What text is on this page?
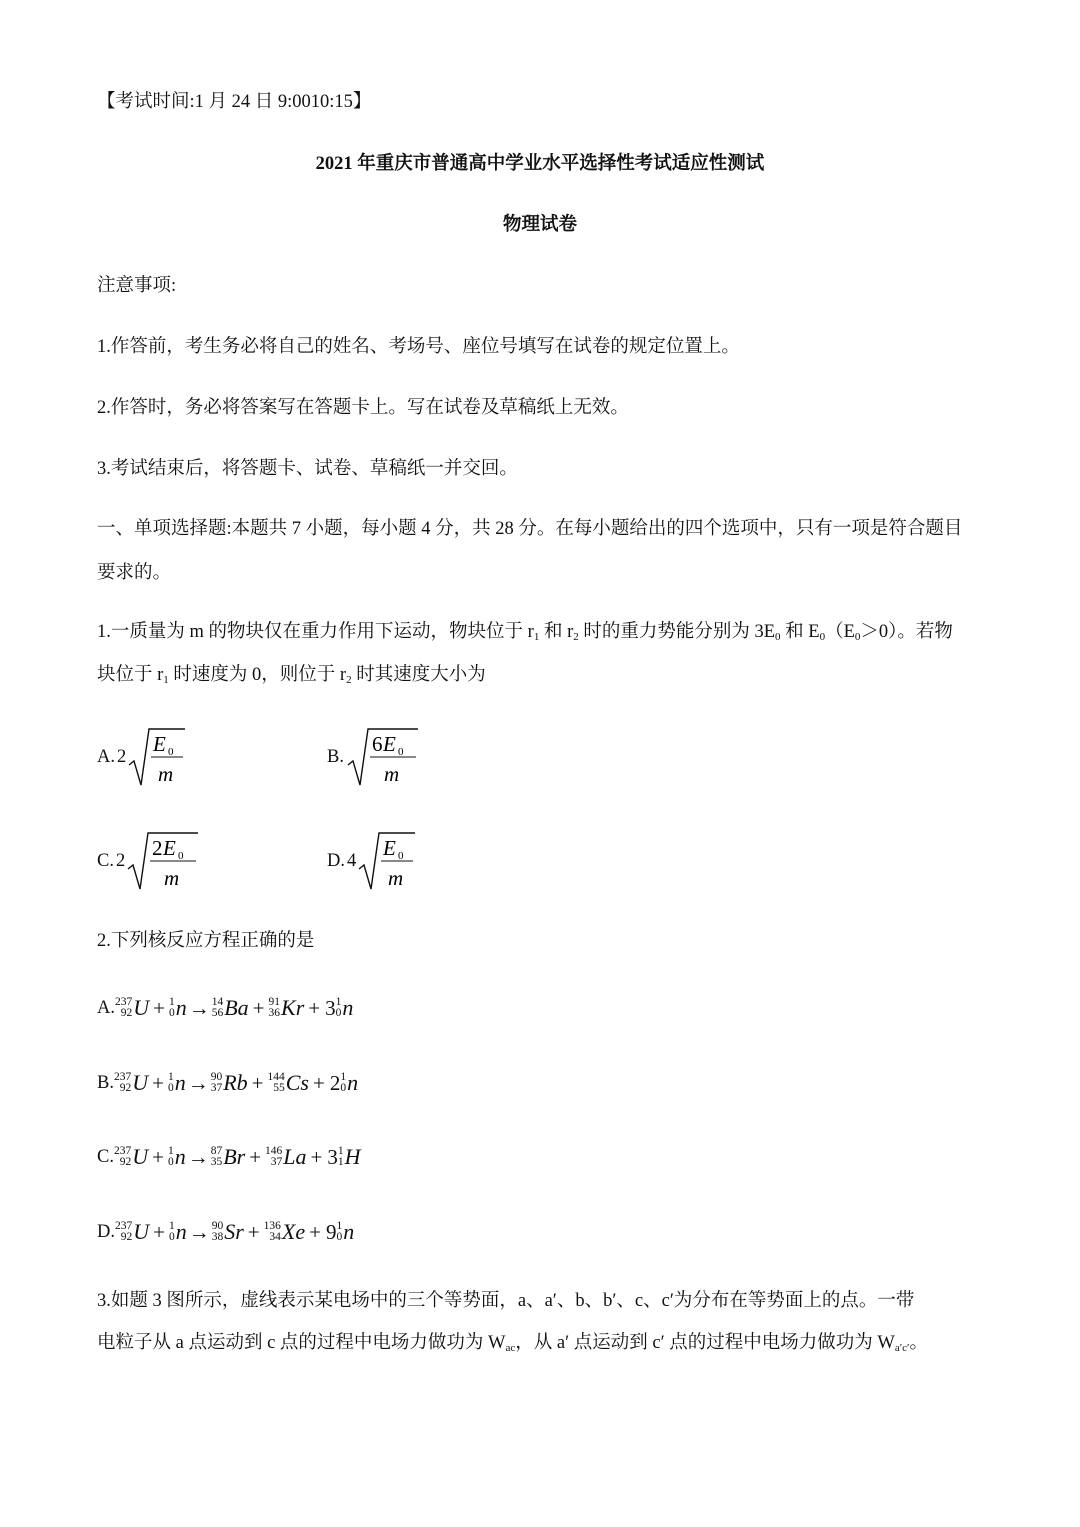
【考试时间:1 月 24 日 9:0010:15】
2021 年重庆市普通高中学业水平选择性考试适应性测试
物理试卷
注意事项:
1.作答前，考生务必将自己的姓名、考场号、座位号填写在试卷的规定位置上。
2.作答时，务必将答案写在答题卡上。写在试卷及草稿纸上无效。
3.考试结束后，将答题卡、试卷、草稿纸一并交回。
一、单项选择题:本题共 7 小题，每小题 4 分，共 28 分。在每小题给出的四个选项中，只有一项是符合题目
要求的。
1.一质量为 m 的物块仅在重力作用下运动，物块位于 $r_1$ 和 $r_2$ 时的重力势能分别为 $3E_0$ 和 $E_0(E_0>0)$。若物
块位于 $r_1$ 时速度为 0，则位于 $r_2$ 时其速度大小为
A. 2
E 0
m
B.
6 E 0
m
C. 2
2 E 0
m
D. 4
E 0
m
2.下列核反应方程正确的是
A. 237
92 U + 1
0 n → 14
56 Ba + 91
36 Kr + 3 1
0 n
B. 237
92 U + 1
0 n → 90
37 Rb + 144
55 Cs + 2 1
0 n
C. 237
92 U + 1
0 n → 87
35 Br + 146
37 La + 3 1
1 H
D. 237
92 U + 1
0 n → 90
38 Sr + 136
34 Xe + 9 1
0 n
3.如题 3 图所示，虚线表示某电场中的三个等势面，a、a′、b、b′、c、c′为分布在等势面上的点。一带
电粒子从 a 点运动到 c 点的过程中电场力做功为 $W_{ac}$，从 a′ 点运动到 c′ 点的过程中电场力做功为 $W_{a'c'}$。
